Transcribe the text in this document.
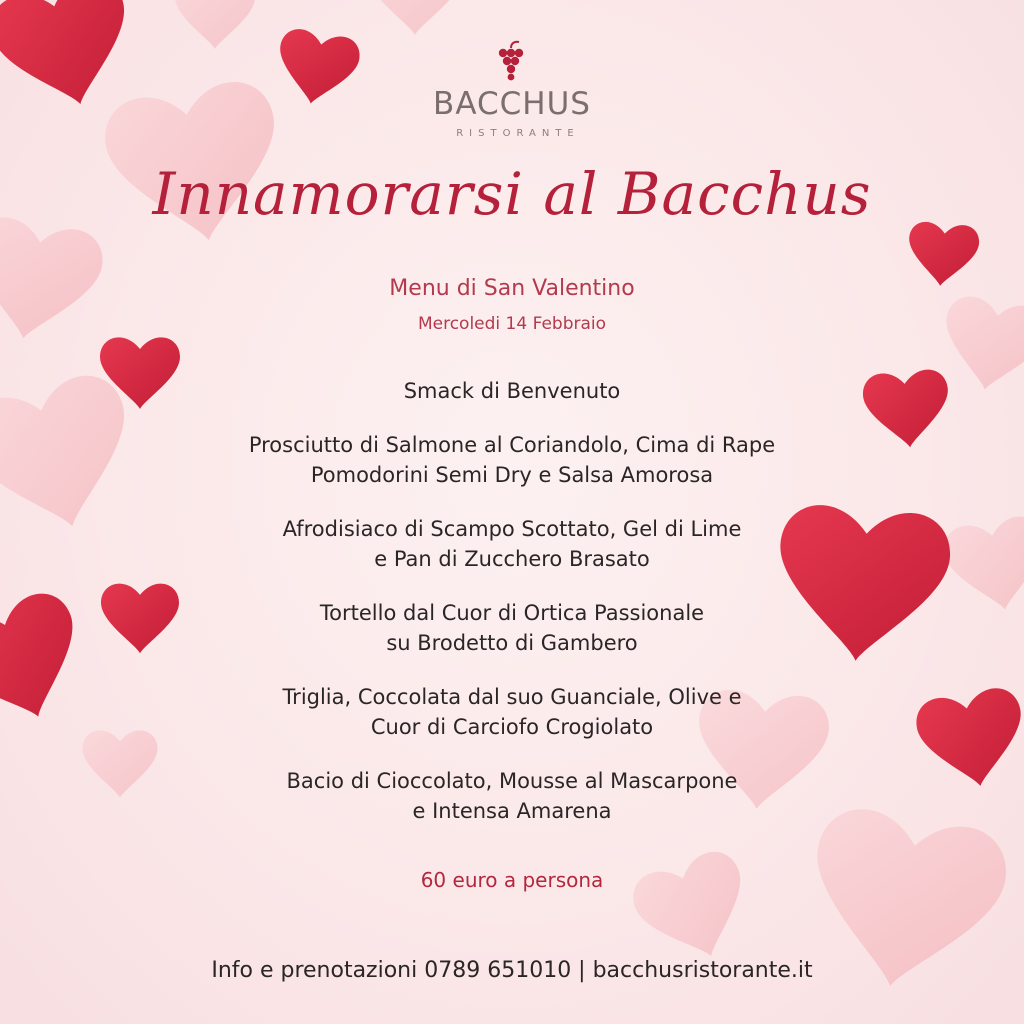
BACCHUS
RISTORANTE
Innamorarsi al Bacchus
Menu di San Valentino
Mercoledi 14 Febbraio
Smack di Benvenuto
Prosciutto di Salmone al Coriandolo, Cima di Rape
Pomodorini Semi Dry e Salsa Amorosa
Afrodisiaco di Scampo Scottato, Gel di Lime
e Pan di Zucchero Brasato
Tortello dal Cuor di Ortica Passionale
su Brodetto di Gambero
Triglia, Coccolata dal suo Guanciale, Olive e
Cuor di Carciofo Crogiolato
Bacio di Cioccolato, Mousse al Mascarpone
e Intensa Amarena
60 euro a persona
Info e prenotazioni 0789 651010 | bacchusristorante.it
